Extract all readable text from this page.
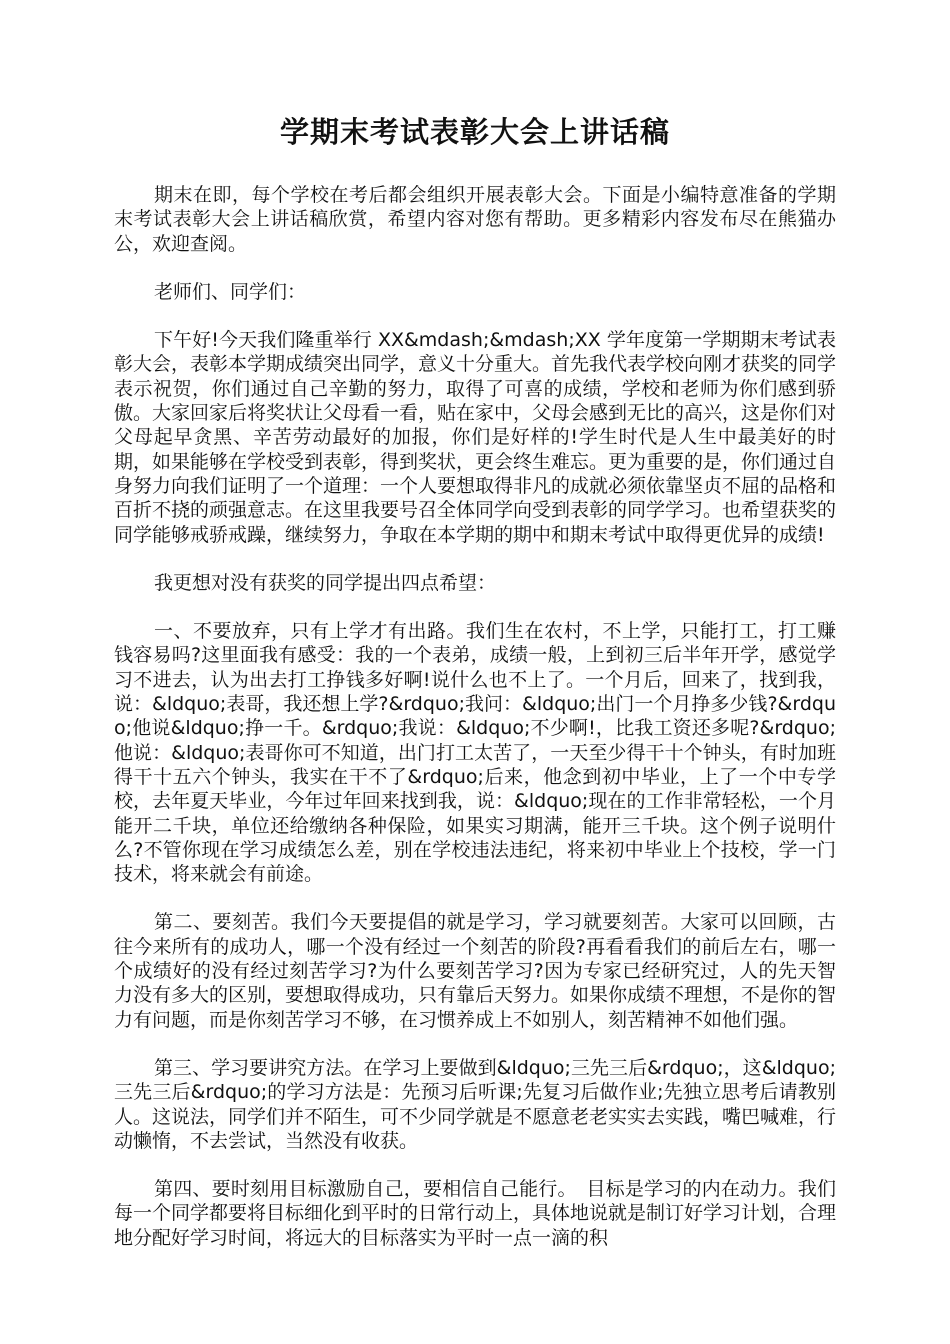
学期末考试表彰大会上讲话稿

期末在即，每个学校在考后都会组织开展表彰大会。下面是小编特意准备的学期末考试表彰大会上讲话稿欣赏，希望内容对您有帮助。更多精彩内容发布尽在熊猫办公，欢迎查阅。

老师们、同学们：

下午好!今天我们隆重举行 XX&mdash;&mdash;XX 学年度第一学期期末考试表彰大会，表彰本学期成绩突出同学，意义十分重大。首先我代表学校向刚才获奖的同学表示祝贺，你们通过自己辛勤的努力，取得了可喜的成绩，学校和老师为你们感到骄傲。大家回家后将奖状让父母看一看，贴在家中，父母会感到无比的高兴，这是你们对父母起早贪黑、辛苦劳动最好的加报，你们是好样的!学生时代是人生中最美好的时期，如果能够在学校受到表彰，得到奖状，更会终生难忘。更为重要的是，你们通过自身努力向我们证明了一个道理：一个人要想取得非凡的成就必须依靠坚贞不屈的品格和百折不挠的顽强意志。在这里我要号召全体同学向受到表彰的同学学习。也希望获奖的同学能够戒骄戒躁，继续努力，争取在本学期的期中和期末考试中取得更优异的成绩!

我更想对没有获奖的同学提出四点希望：

一、不要放弃，只有上学才有出路。我们生在农村，不上学，只能打工，打工赚钱容易吗?这里面我有感受：我的一个表弟，成绩一般，上到初三后半年开学，感觉学习不进去，认为出去打工挣钱多好啊!说什么也不上了。一个月后，回来了，找到我，说：&ldquo;表哥，我还想上学?&rdquo;我问：&ldquo;出门一个月挣多少钱?&rdquo;他说&ldquo;挣一千。&rdquo;我说：&ldquo;不少啊!，比我工资还多呢?&rdquo;他说：&ldquo;表哥你可不知道，出门打工太苦了，一天至少得干十个钟头，有时加班得干十五六个钟头，我实在干不了&rdquo;后来，他念到初中毕业，上了一个中专学校，去年夏天毕业，今年过年回来找到我，说：&ldquo;现在的工作非常轻松，一个月能开二千块，单位还给缴纳各种保险，如果实习期满，能开三千块。这个例子说明什么?不管你现在学习成绩怎么差，别在学校违法违纪，将来初中毕业上个技校，学一门技术，将来就会有前途。

第二、要刻苦。我们今天要提倡的就是学习，学习就要刻苦。大家可以回顾，古往今来所有的成功人，哪一个没有经过一个刻苦的阶段?再看看我们的前后左右，哪一个成绩好的没有经过刻苦学习?为什么要刻苦学习?因为专家已经研究过，人的先天智力没有多大的区别，要想取得成功，只有靠后天努力。如果你成绩不理想，不是你的智力有问题，而是你刻苦学习不够，在习惯养成上不如别人，刻苦精神不如他们强。

第三、学习要讲究方法。在学习上要做到&ldquo;三先三后&rdquo;，这&ldquo;三先三后&rdquo;的学习方法是：先预习后听课;先复习后做作业;先独立思考后请教别人。这说法，同学们并不陌生，可不少同学就是不愿意老老实实去实践，嘴巴喊难，行动懒惰，不去尝试，当然没有收获。

第四、要时刻用目标激励自己，要相信自己能行。　目标是学习的内在动力。我们每一个同学都要将目标细化到平时的日常行动上，具体地说就是制订好学习计划，合理地分配好学习时间，将远大的目标落实为平时一点一滴的积
